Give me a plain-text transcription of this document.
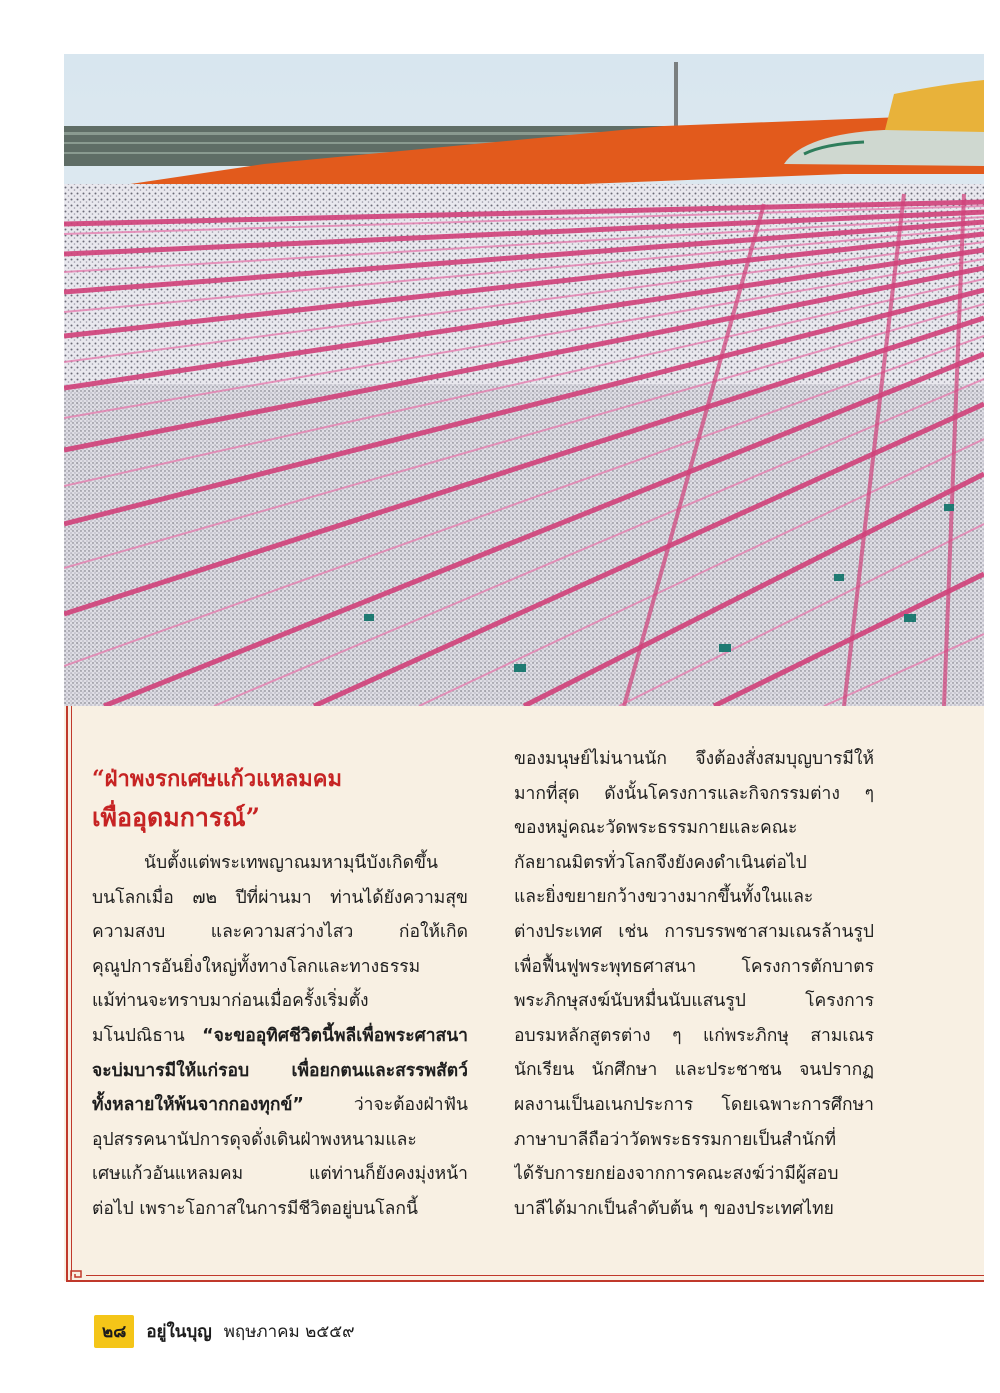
“ฝ่าพงรกเศษแก้วแหลมคม
เพื่ออุดมการณ์”
นับตั้งแต่พระเทพญาณมหามุนีบังเกิดขึ้น
บนโลกเมื่อ ๗๒ ปีที่ผ่านมา ท่านได้ยังความสุข
ความสงบ และความสว่างไสว ก่อให้เกิด
คุณูปการอันยิ่งใหญ่ทั้งทางโลกและทางธรรม
แม้ท่านจะทราบมาก่อนเมื่อครั้งเริ่มตั้ง
มโนปณิธาน “จะขออุทิศชีวิตนี้พลีเพื่อพระศาสนา
จะบ่มบารมีให้แก่รอบ เพื่อยกตนและสรรพสัตว์
ทั้งหลายให้พ้นจากกองทุกข์”	ว่าจะต้องฝ่าฟัน
อุปสรรคนานัปการดุจดั่งเดินฝ่าพงหนามและ
เศษแก้วอันแหลมคม แต่ท่านก็ยังคงมุ่งหน้า
ต่อไป เพราะโอกาสในการมีชีวิตอยู่บนโลกนี้
ของมนุษย์ไม่นานนัก จึงต้องสั่งสมบุญบารมีให้
มากที่สุด ดังนั้นโครงการและกิจกรรมต่าง ๆ
ของหมู่คณะวัดพระธรรมกายและคณะ
กัลยาณมิตรทั่วโลกจึงยังคงดำเนินต่อไป
และยิ่งขยายกว้างขวางมากขึ้นทั้งในและ
ต่างประเทศ เช่น การบรรพชาสามเณรล้านรูป
เพื่อฟื้นฟูพระพุทธศาสนา โครงการตักบาตร
พระภิกษุสงฆ์นับหมื่นนับแสนรูป โครงการ
อบรมหลักสูตรต่าง ๆ แก่พระภิกษุ สามเณร
นักเรียน นักศึกษา และประชาชน จนปรากฏ
ผลงานเป็นอเนกประการ โดยเฉพาะการศึกษา
ภาษาบาลีถือว่าวัดพระธรรมกายเป็นสำนักที่
ได้รับการยกย่องจากการคณะสงฆ์ว่ามีผู้สอบ
บาลีได้มากเป็นลำดับต้น ๆ ของประเทศไทย
๒๘	อยู่ในบุญ พฤษภาคม ๒๕๕๙
